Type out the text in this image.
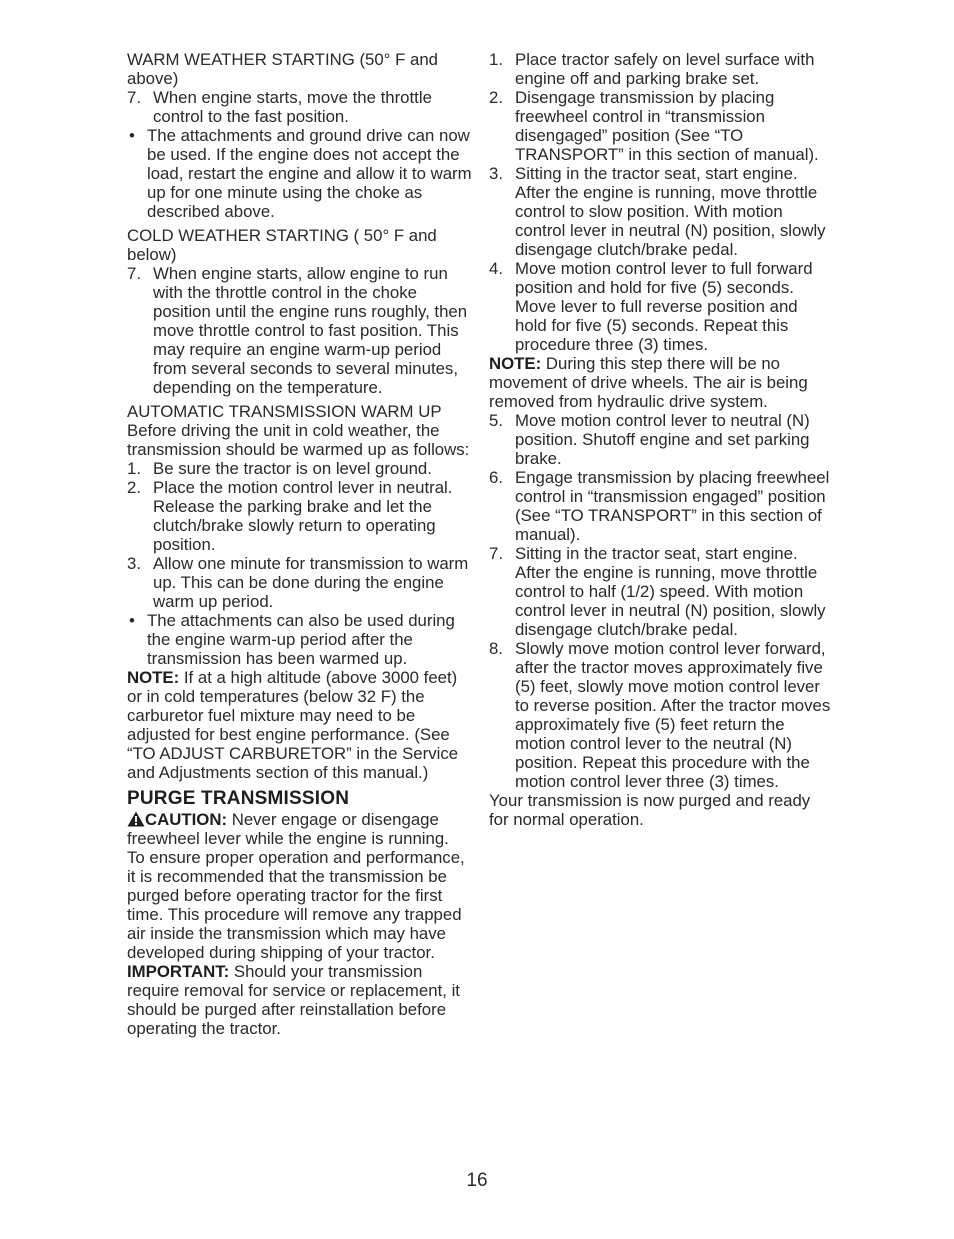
WARM WEATHER STARTING (50° F and above)

7. When engine starts, move the throttle control to the fast position.
• The attachments and ground drive can now be used. If the engine does not accept the load, restart the engine and allow it to warm up for one minute using the choke as described above.

COLD WEATHER STARTING ( 50° F and below)

7. When engine starts, allow engine to run with the throttle control in the choke position until the engine runs roughly, then move throttle control to fast position. This may require an engine warm-up period from several seconds to several minutes, depending on the temperature.

AUTOMATIC TRANSMISSION WARM UP

Before driving the unit in cold weather, the transmission should be warmed up as follows:

1. Be sure the tractor is on level ground.
2. Place the motion control lever in neutral. Release the parking brake and let the clutch/brake slowly return to operating position.
3. Allow one minute for transmission to warm up. This can be done during the engine warm up period.
• The attachments can also be used during the engine warm-up period after the transmission has been warmed up.

NOTE: If at a high altitude (above 3000 feet) or in cold temperatures (below 32 F) the carburetor fuel mixture may need to be adjusted for best engine performance. (See “TO ADJUST CARBURETOR” in the Service and Adjustments section of this manual.)

PURGE TRANSMISSION

CAUTION: Never engage or disengage freewheel lever while the engine is running.

To ensure proper operation and performance, it is recommended that the transmission be purged before operating tractor for the first time. This procedure will remove any trapped air inside the transmission which may have developed during shipping of your tractor.

IMPORTANT: Should your transmission require removal for service or replacement, it should be purged after reinstallation before operating the tractor.

1. Place tractor safely on level surface with engine off and parking brake set.
2. Disengage transmission by placing freewheel control in “transmission disengaged” position (See “TO TRANSPORT” in this section of manual).
3. Sitting in the tractor seat, start engine. After the engine is running, move throttle control to slow position. With motion control lever in neutral (N) position, slowly disengage clutch/brake pedal.
4. Move motion control lever to full forward position and hold for five (5) seconds. Move lever to full reverse position and hold for five (5) seconds. Repeat this procedure three (3) times.

NOTE: During this step there will be no movement of drive wheels. The air is being removed from hydraulic drive system.

5. Move motion control lever to neutral (N) position. Shutoff engine and set parking brake.
6. Engage transmission by placing freewheel control in “transmission engaged” position (See “TO TRANSPORT” in this section of manual).
7. Sitting in the tractor seat, start engine. After the engine is running, move throttle control to half (1/2) speed. With motion control lever in neutral (N) position, slowly disengage clutch/brake pedal.
8. Slowly move motion control lever forward, after the tractor moves approximately five (5) feet, slowly move motion control lever to reverse position. After the tractor moves approximately five (5) feet return the motion control lever to the neutral (N) position. Repeat this procedure with the motion control lever three (3) times.

Your transmission is now purged and ready for normal operation.

16
